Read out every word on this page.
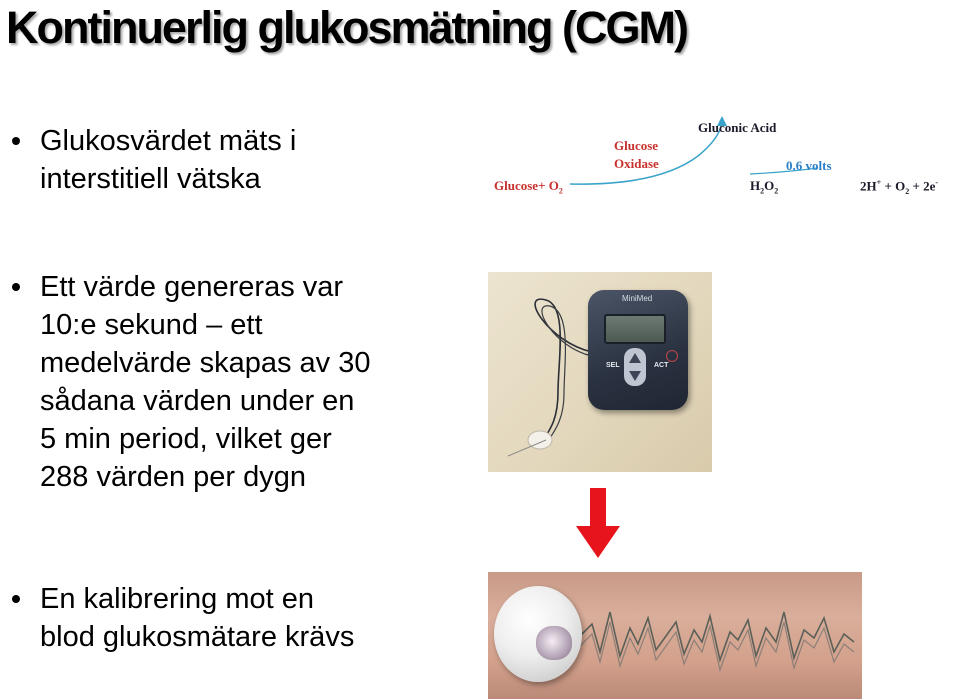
Kontinuerlig glukosmätning (CGM)
Glukosvärdet mäts i
interstitiell vätska
Ett värde genereras var
10:e sekund – ett
medelvärde skapas av 30
sådana värden under en
5 min period, vilket ger
288 värden per dygn
En kalibrering mot en
blod glukosmätare krävs
$Glucose+ O_2$
Glucose
Oxidase
Gluconic Acid
0.6 volts
$H_2O_2$	$2H^+ + O_2 + 2e^-$
MiniMed
SEL	ACT
